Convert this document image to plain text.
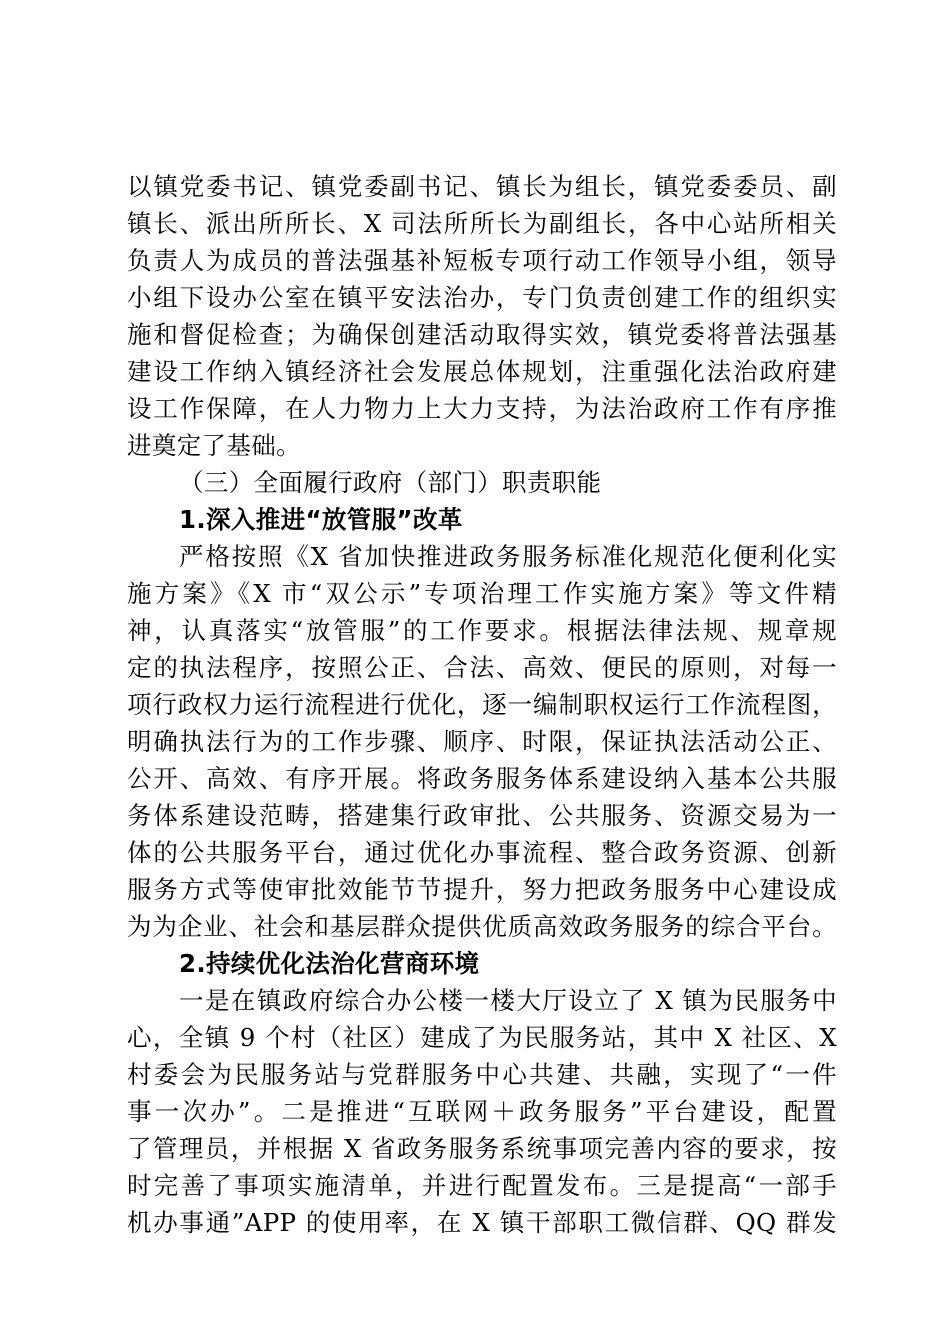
以镇党委书记、镇党委副书记、镇长为组长，镇党委委员、副
镇长、派出所所长、X 司法所所长为副组长，各中心站所相关
负责人为成员的普法强基补短板专项行动工作领导小组，领导
小组下设办公室在镇平安法治办，专门负责创建工作的组织实
施和督促检查；为确保创建活动取得实效，镇党委将普法强基
建设工作纳入镇经济社会发展总体规划，注重强化法治政府建
设工作保障，在人力物力上大力支持，为法治政府工作有序推
进奠定了基础。
（三）全面履行政府（部门）职责职能
1.深入推进“放管服”改革
严格按照《X 省加快推进政务服务标准化规范化便利化实
施方案》《X 市“双公示”专项治理工作实施方案》等文件精
神，认真落实“放管服”的工作要求。根据法律法规、规章规
定的执法程序，按照公正、合法、高效、便民的原则，对每一
项行政权力运行流程进行优化，逐一编制职权运行工作流程图，
明确执法行为的工作步骤、顺序、时限，保证执法活动公正、
公开、高效、有序开展。将政务服务体系建设纳入基本公共服
务体系建设范畴，搭建集行政审批、公共服务、资源交易为一
体的公共服务平台，通过优化办事流程、整合政务资源、创新
服务方式等使审批效能节节提升，努力把政务服务中心建设成
为为企业、社会和基层群众提供优质高效政务服务的综合平台。
2.持续优化法治化营商环境
一是在镇政府综合办公楼一楼大厅设立了 X 镇为民服务中
心，全镇 9 个村（社区）建成了为民服务站，其中 X 社区、X
村委会为民服务站与党群服务中心共建、共融，实现了“一件
事一次办”。二是推进“互联网＋政务服务”平台建设，配置
了管理员，并根据 X 省政务服务系统事项完善内容的要求，按
时完善了事项实施清单，并进行配置发布。三是提高“一部手
机办事通”APP 的使用率，在 X 镇干部职工微信群、QQ 群发
